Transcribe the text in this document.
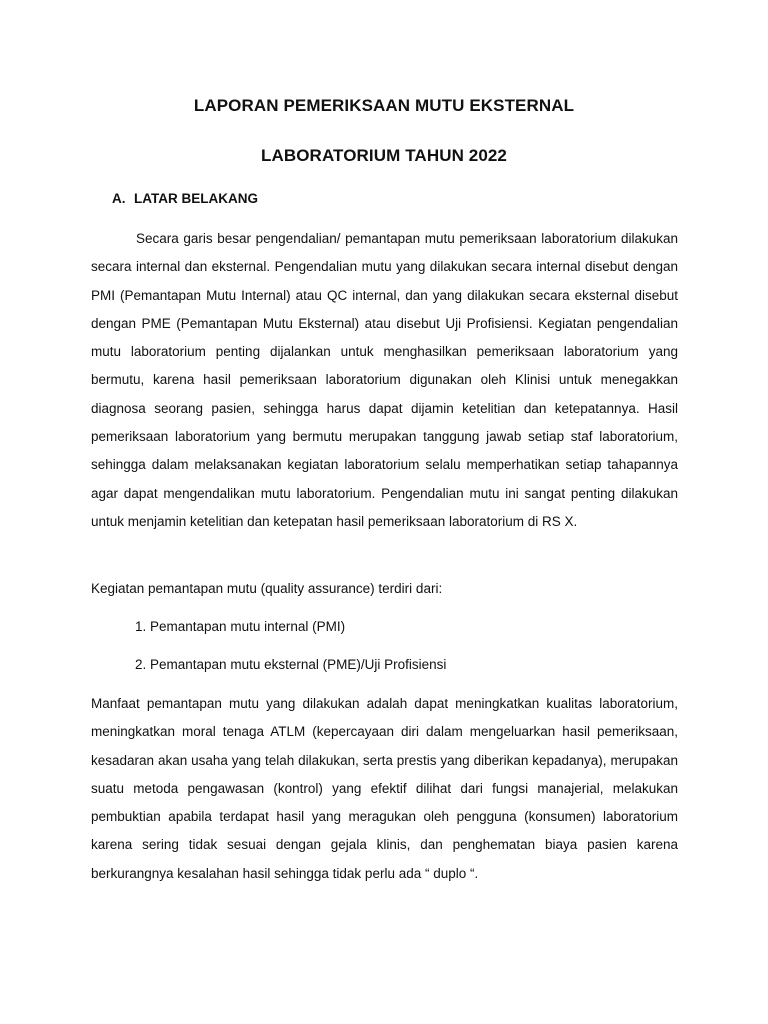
LAPORAN PEMERIKSAAN MUTU EKSTERNAL
LABORATORIUM TAHUN 2022
A. LATAR BELAKANG

Secara garis besar pengendalian/ pemantapan mutu pemeriksaan laboratorium dilakukan secara internal dan eksternal. Pengendalian mutu yang dilakukan secara internal disebut dengan PMI (Pemantapan Mutu Internal) atau QC internal, dan yang dilakukan secara eksternal disebut dengan PME (Pemantapan Mutu Eksternal) atau disebut Uji Profisiensi. Kegiatan pengendalian mutu laboratorium penting dijalankan untuk menghasilkan pemeriksaan laboratorium yang bermutu, karena hasil pemeriksaan laboratorium digunakan oleh Klinisi untuk menegakkan diagnosa seorang pasien, sehingga harus dapat dijamin ketelitian dan ketepatannya. Hasil pemeriksaan laboratorium yang bermutu merupakan tanggung jawab setiap staf laboratorium, sehingga dalam melaksanakan kegiatan laboratorium selalu memperhatikan setiap tahapannya agar dapat mengendalikan mutu laboratorium. Pengendalian mutu ini sangat penting dilakukan untuk menjamin ketelitian dan ketepatan hasil pemeriksaan laboratorium di RS X.

Kegiatan pemantapan mutu (quality assurance) terdiri dari:

1. Pemantapan mutu internal (PMI)
2. Pemantapan mutu eksternal (PME)/Uji Profisiensi

Manfaat pemantapan mutu yang dilakukan adalah dapat meningkatkan kualitas laboratorium, meningkatkan moral tenaga ATLM (kepercayaan diri dalam mengeluarkan hasil pemeriksaan, kesadaran akan usaha yang telah dilakukan, serta prestis yang diberikan kepadanya), merupakan suatu metoda pengawasan (kontrol) yang efektif dilihat dari fungsi manajerial, melakukan pembuktian apabila terdapat hasil yang meragukan oleh pengguna (konsumen) laboratorium karena sering tidak sesuai dengan gejala klinis, dan penghematan biaya pasien karena berkurangnya kesalahan hasil sehingga tidak perlu ada “ duplo “.
